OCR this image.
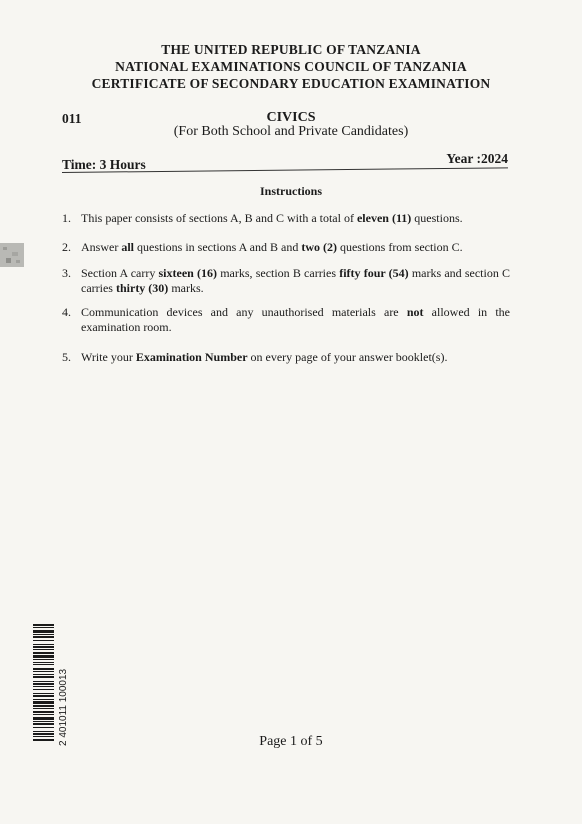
THE UNITED REPUBLIC OF TANZANIA
NATIONAL EXAMINATIONS COUNCIL OF TANZANIA
CERTIFICATE OF SECONDARY EDUCATION EXAMINATION
011	CIVICS
(For Both School and Private Candidates)
Time: 3 Hours	Year :2024
Instructions
1. This paper consists of sections A, B and C with a total of eleven (11) questions.
2. Answer all questions in sections A and B and two (2) questions from section C.
3. Section A carry sixteen (16) marks, section B carries fifty four (54) marks and section C carries thirty (30) marks.
4. Communication devices and any unauthorised materials are not allowed in the examination room.
5. Write your Examination Number on every page of your answer booklet(s).
2 401011 100013	Page 1 of 5
